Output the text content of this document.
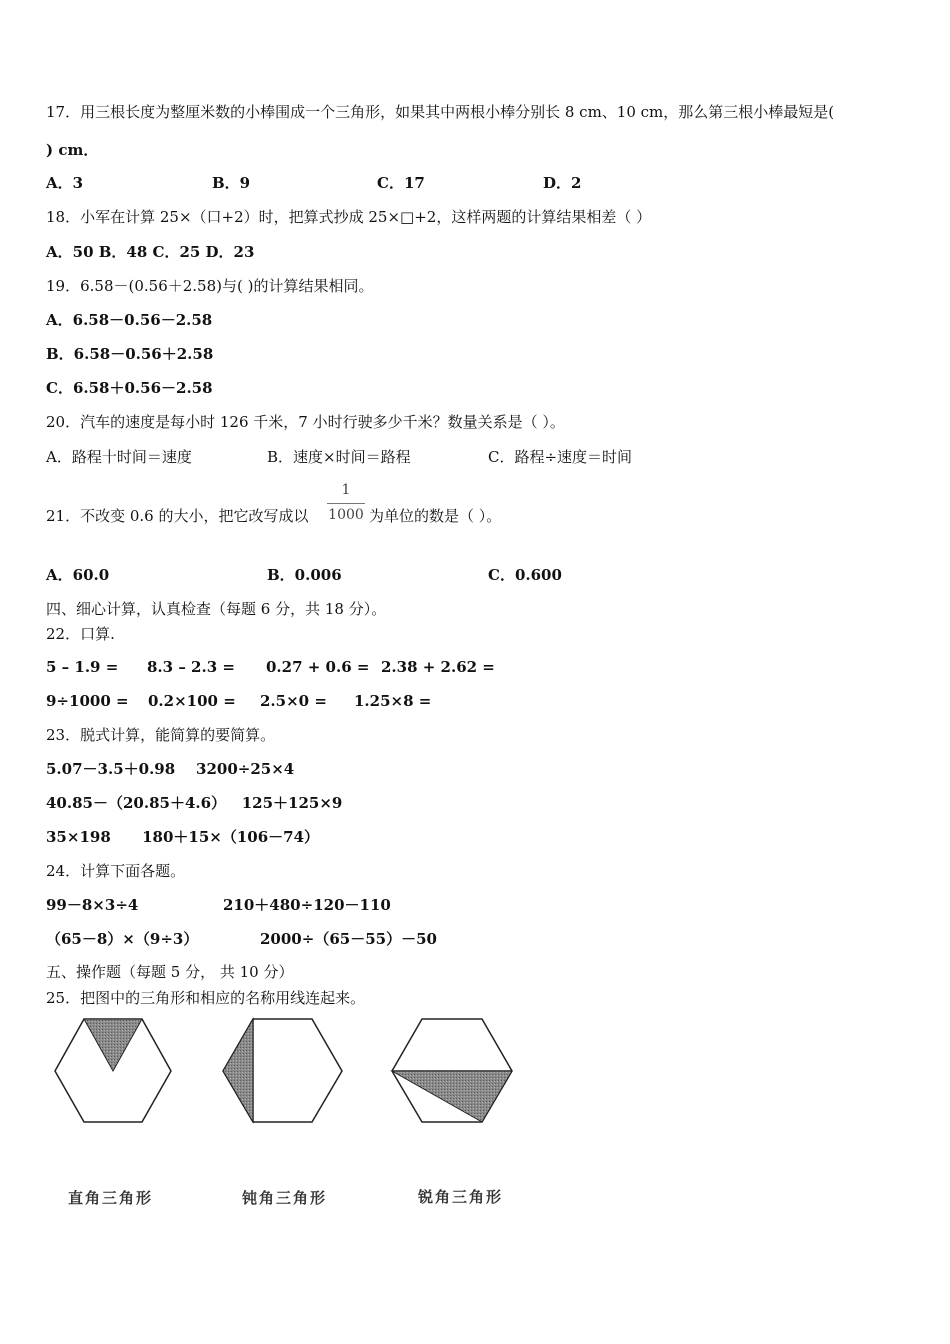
17．用三根长度为整厘米数的小棒围成一个三角形，如果其中两根小棒分别长 8 cm、10 cm，那么第三根小棒最短是(
) cm．
A．3	B．9	C．17	D．2
18．小军在计算 25×（口+2）时，把算式抄成 25×□+2，这样两题的计算结果相差（ ）
A．50 B．48 C．25 D．23
19．6.58－(0.56＋2.58)与( )的计算结果相同。
A．6.58－0.56－2.58
B．6.58－0.56＋2.58
C．6.58＋0.56－2.58
20．汽车的速度是每小时 126 千米，7 小时行驶多少千米？数量关系是（ ）。
A．路程十时间＝速度	B．速度×时间＝路程	C．路程÷速度＝时间
21．不改变 0.6 的大小，把它改写成以
1
1000 为单位的数是（ ）。
A．60.0	B．0.006	C．0.600
四、细心计算，认真检查（每题 6 分，共 18 分）。
22．口算.
5 – 1.9 = 8.3 – 2.3 = 0.27 + 0.6 = 2.38 + 2.62 =
9÷1000 = 0.2×100 = 2.5×0 = 1.25×8 =
23．脱式计算，能简算的要简算。
5.07－3.5＋0.98    3200÷25×4
40.85－（20.85＋4.6）   125＋125×9
35×198      180＋15×（106－74）
24．计算下面各题。
99－8×3÷4	210＋480÷120－110
（65－8）×（9÷3）	2000÷（65－55）－50
五、操作题（每题 5 分， 共 10 分）
25．把图中的三角形和相应的名称用线连起来。
直角三角形	钝角三角形	锐角三角形
